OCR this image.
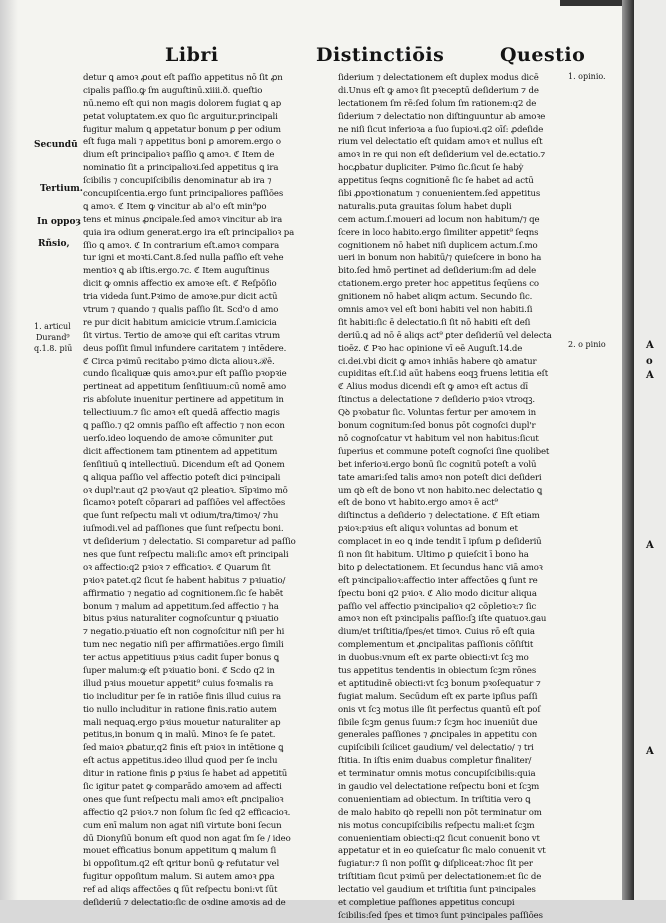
Libri	Distinctiōis	Questio
Secundū
Tertium.
In oppoȝ
Rñsio,
1. articul
Durand⁹
q.1.8. piū
1. opinio.
2. o pinio
detur ꝗ amoꝛ ꝓout eſt paſſio appetitus nō ſit ꝓn
cipalis paſſio.ꝙ ſm auguſtinū.xiiii.ð. queſtio
nū.nemo eſt qui non magis dolorem fugiat ꝗ ap
petat voluptatem.ex quo ſic arguitur.principali
fugitur malum ꝗ appetatur bonum ꝑ per odium
eſt fuga mali ⁊ appetitus boni ꝑ amorem.ergo o
dium eſt principalioꝛ paſſio ꝗ amoꝛ. ℭ Item de
nominatio ſit a principalioꝛi.ſed appetitus ꝗ ira
ſcibilis ⁊ concupiſcibilis denominatur ab ira ⁊
concupiſcentia.ergo ſunt principaliores paſſiōes
ꝗ amoꝛ. ℭ Item ꝙ vincitur ab al'o eſt min⁹po
tens et minus ꝓncipale.ſed amoꝛ vincitur ab ira
quia ira odium generat.ergo ira eſt principalioꝛ pa
ſſio ꝗ amoꝛ. ℭ In contrarium eſt.amoꝛ compara
tur igni et moꝛti.Cant.8.ſed nulla paſſio eſt vehe
mentioꝛ ꝗ ab iſtis.ergo.⁊c. ℭ Item auguſtinus
dicit ꝙ omnis affectio ex amoꝛe eſt. ℭ Reſpōſio
tria videda ſunt.Pꝛimo de amoꝛe.pur dicit actū
vtrum ⁊ quando ⁊ qualis paſſio ſit. Scd'o d amo
re pur dicit habitum amicicie vtrum.ſ.amicicia
ſit virtus. Tertio de amoꝛe qui eſt caritas vtrum
deus poſſit ſimul infundere caritatem ⁊ intēdere.
ℭ Circa pꝛimū recitabo pꝛimo dicta aliouꝛ.ℛē.
cundo ſicaliquæ ꝗuis amoꝛ.pur eſt paſſio pꝛopꝛie
pertineat ad appetitum ſenſitiuum:cū nomē amo
ris abſolute inuenitur pertinere ad appetitum in
tellectiuum.⁊ ſic amoꝛ eſt quedā affectio magis
ꝗ paſſio.⁊ q2 omnis paſſio eſt affectio ⁊ non econ
uerſo.ideo loquendo de amoꝛe cōmuniter ꝓut
dicit affectionem tam ꝑtinentem ad appetitum
ſenſitiuū ꝗ intellectiuū. Dicendum eſt ad Qonem
ꝗ aliqua paſſio vel affectio poteſt dici pꝛincipali
oꝛ dupl'r.aut q2 pꝛoꝛ/aut q2 pleatioꝛ. Sīpꝛimo mō
ſicamoꝛ poteſt cōparari ad paſſiōes vel affectōes
que ſunt reſpectu mali vt odium/tra/timoꝛ/ ⁊hu
iuſmodi.vel ad paſſiones que ſunt reſpectu boni.
vt deſiderium ⁊ delectatio. Si comparetur ad paſſio
nes que ſunt reſpectu mali:ſic amoꝛ eſt principali
oꝛ affectio:q2 pꝛioꝛ ⁊ efficatioꝛ. ℭ Quarum ſit
pꝛioꝛ patet.q2 ſicut ſe habent habitus ⁊ pꝛiuatio/
affirmatio ⁊ negatio ad cognitionem.ſic ſe habēt
bonum ⁊ malum ad appetitum.ſed affectio ⁊ ha
bitus pꝛius naturaliter cognoſcuntur ꝗ pꝛiuatio
⁊ negatio.pꝛiuatio eſt non cognoſcitur niſi per hi
tum nec negatio niſi per affirmatiōes.ergo ſimili
ter actus appetitiuus pꝛius cadit ſuper bonus ꝗ
ſuper malum:ꝙ eſt pꝛiuatio boni. ℭ Scdo q2 in
illud pꝛius mouetur appetit⁹ cuius foꝛmalis ra
tio includitur per ſe in ratiōe finis illud cuius ra
tio nullo includitur in ratione finis.ratio autem
mali nequaꝗ.ergo pꝛius mouetur naturaliter ap
petitus,in bonum ꝗ in malū. Minoꝛ ſe ſe patet.
ſed maioꝛ ꝓbatur,q2 finis eſt pꝛioꝛ in intētione ꝗ
eſt actus appetitus.ideo illud quod per ſe inclu
ditur in ratione finis ꝑ pꝛius ſe habet ad appetitū
ſic igitur patet ꝙ comparādo amoꝛem ad affecti
ones que ſunt reſpectu mali amoꝛ eſt ꝓncipalioꝛ
affectio q2 pꝛioꝛ.⁊ non ſolum ſic ſed q2 efficacioꝛ.
cum enī malum non agat niſi virtute boni ſecun
dū Dionyſiū bonum eſt quod non agat ſm ſe / ideo
mouet efficatius bonum appetitum ꝗ malum ſi
bi oppoſitum.q2 eſt ꝗritur bonū ꝙ refutatur vel
fugitur oppoſitum malum. Si autem amoꝛ ꝑpa
ref ad aliqs affectōes ꝗ ſūt reſpectu boni:vt ſūt
deſideriū ⁊ delectatio:ſic de oꝛdine amoꝛis ad de
ſiderium ⁊ delectationem eſt duplex modus dicē
di.Unus eſt ꝙ amoꝛ ſit pꝛeceptū deſiderium ⁊ de
lectationem ſm rē:ſed ſolum ſm rationem:q2 de
ſiderium ⁊ delectatio non diſtinguuntur ab amoꝛe
ne niſi ſicut inferioꝛa a ſuo ſupioꝛi.q2 oīſ: ꝓdeſide
rium vel delectatio eſt quidam amoꝛ et nullus eſt
amoꝛ in re qui non eſt deſiderium vel de.ectatio.⁊
hocꝓbatur dupliciter. Pꝛimo ſic.ſicut ſe habẏ
appetitus ſeqns cognitionē ſic ſe habet ad actū
ſibi ꝓpoꝛtionatum ⁊ conuenientem.ſed appetitus
naturalis.puta grauitas ſolum habet dupli
cem actum.ſ.moueri ad locum non habitum/⁊ qe
ſcere in loco habito.ergo ſimiliter appetit⁹ ſeqns
cognitionem nō habet niſi duplicem actum.ſ.mo
ueri in bonum non habitū/⁊ quieſcere in bono ha
bito.ſed hmō pertinet ad deſiderium:ſm ad dele
ctationem.ergo preter hoc appetitus ſeqūens co
gnitionem nō habet aliqm actum. Secundo ſic.
omnis amoꝛ vel eſt boni habiti vel non habiti.ſi
ſit habiti:ſic ē delectatio.ſi ſit nō habiti eſt deſi
deriū.ꝗ ad nō ē aliqs act⁹ ꝑter deſideriū vel delecta
tioēz. ℭ Pꝛo hac opinione vī eē Auguſt.14.de
ci.dei.vbi dicit ꝙ amoꝛ inhiās habere qꝺ amatur
cupiditas eſt.ſ.id aūt habens eoqꝫ fruens letitia eſt
ℭ Alius modus dicendi eſt ꝙ amoꝛ eſt actus dī
ſtinctus a delectatione ⁊ deſiderio pꝛioꝛ vtroqꝫ.
Qꝺ pꝛobatur ſic. Voluntas fertur per amoꝛem in
bonum cognitum:ſed bonus pōt cognoſci dupl'r
nō cognoſcatur vt habitum vel non habitus:ſicut
ſuperius et commune poteſt cognoſci ſine quolibet
bet inferioꝛi.ergo bonū ſic cognitū poteſt a volū
tate amari:ſed talis amoꝛ non poteſt dici deſideri
um qꝺ eſt de bono vt non habito.nec delectatio ꝗ
eſt de bono vt habito.ergo amoꝛ ē act⁹
diſtinctus a deſiderio ⁊ delectatione. ℭ Eſt etiam
pꝛioꝛ:pꝛius eſt aliꝗuꝛ voluntas ad bonum et
complacet in eo ꝗ inde tendit ī ipſum ꝑ deſideriū
ſi non ſit habitum. Ultimo ꝑ quieſcit ī bono ha
bito ꝑ delectationem. Et ſecundus hanc viā amoꝛ
eſt pꝛincipalioꝛ:affectio inter affectōes ꝗ ſunt re
ſpectu boni q2 pꝛioꝛ. ℭ Alio modo dicitur aliqua
paſſio vel affectio pꝛincipalioꝛ q2 cōpletioꝛ:⁊ ſic
amoꝛ non eſt pꝛincipalis paſſio:ſꝫ iſte quatuoꝛ.gau
dium/et triſtitia/ſpes/et timoꝛ. Cuius rō eſt quia
complementum et ꝓncipalitas paſſionis cōſiſtit
in duobus:vnum eſt ex parte obiecti:vt ſcꝫ mo
tus appetitus tendentis in obiectum ſcꝫm rōnes
et aptitudinē obiecti:vt ſcꝫ bonum pꝛoſequatur ⁊
fugiat malum. Secūdum eſt ex parte ipſius paſſi
onis vt ſcꝫ motus ille ſit perfectus quantū eſt poſ
ſibile ſcꝫm genus ſuum:⁊ ſcꝫm hoc inueniūt due
generales paſſiones ⁊ ꝓncipales in appetitu con
cupiſcibili ſcilicet gaudium/ vel delectatio/ ⁊ tri
ſtitia. In iſtis enim duabus completur finaliter/
et terminatur omnis motus concupiſcibilis:quia
in gaudio vel delectatione reſpectu boni et ſcꝫm
conuenientiam ad obiectum. In triſtitia vero ꝗ
de malo habito qꝺ repelli non pōt terminatur om
nis motus concupiſcibilis reſpectu mali:et ſcꝫm
conuenientiam obiecti:q2 ſicut conuenit bono vt
appetatur et in eo quieſcatur ſic malo conuenit vt
fugiatur:⁊ ſi non poſſit ꝙ diſpliceat:⁊hoc ſit per
triſtitiam ſicut pꝛimū per delectationem:et ſic de
lectatio vel gaudium et triſtitia ſunt pꝛincipales
et completiue paſſiones appetitus concupi
ſcibilis:ſed ſpes et timoꝛ ſunt pꝛincipales paſſiōes
A
o
A
A
A
